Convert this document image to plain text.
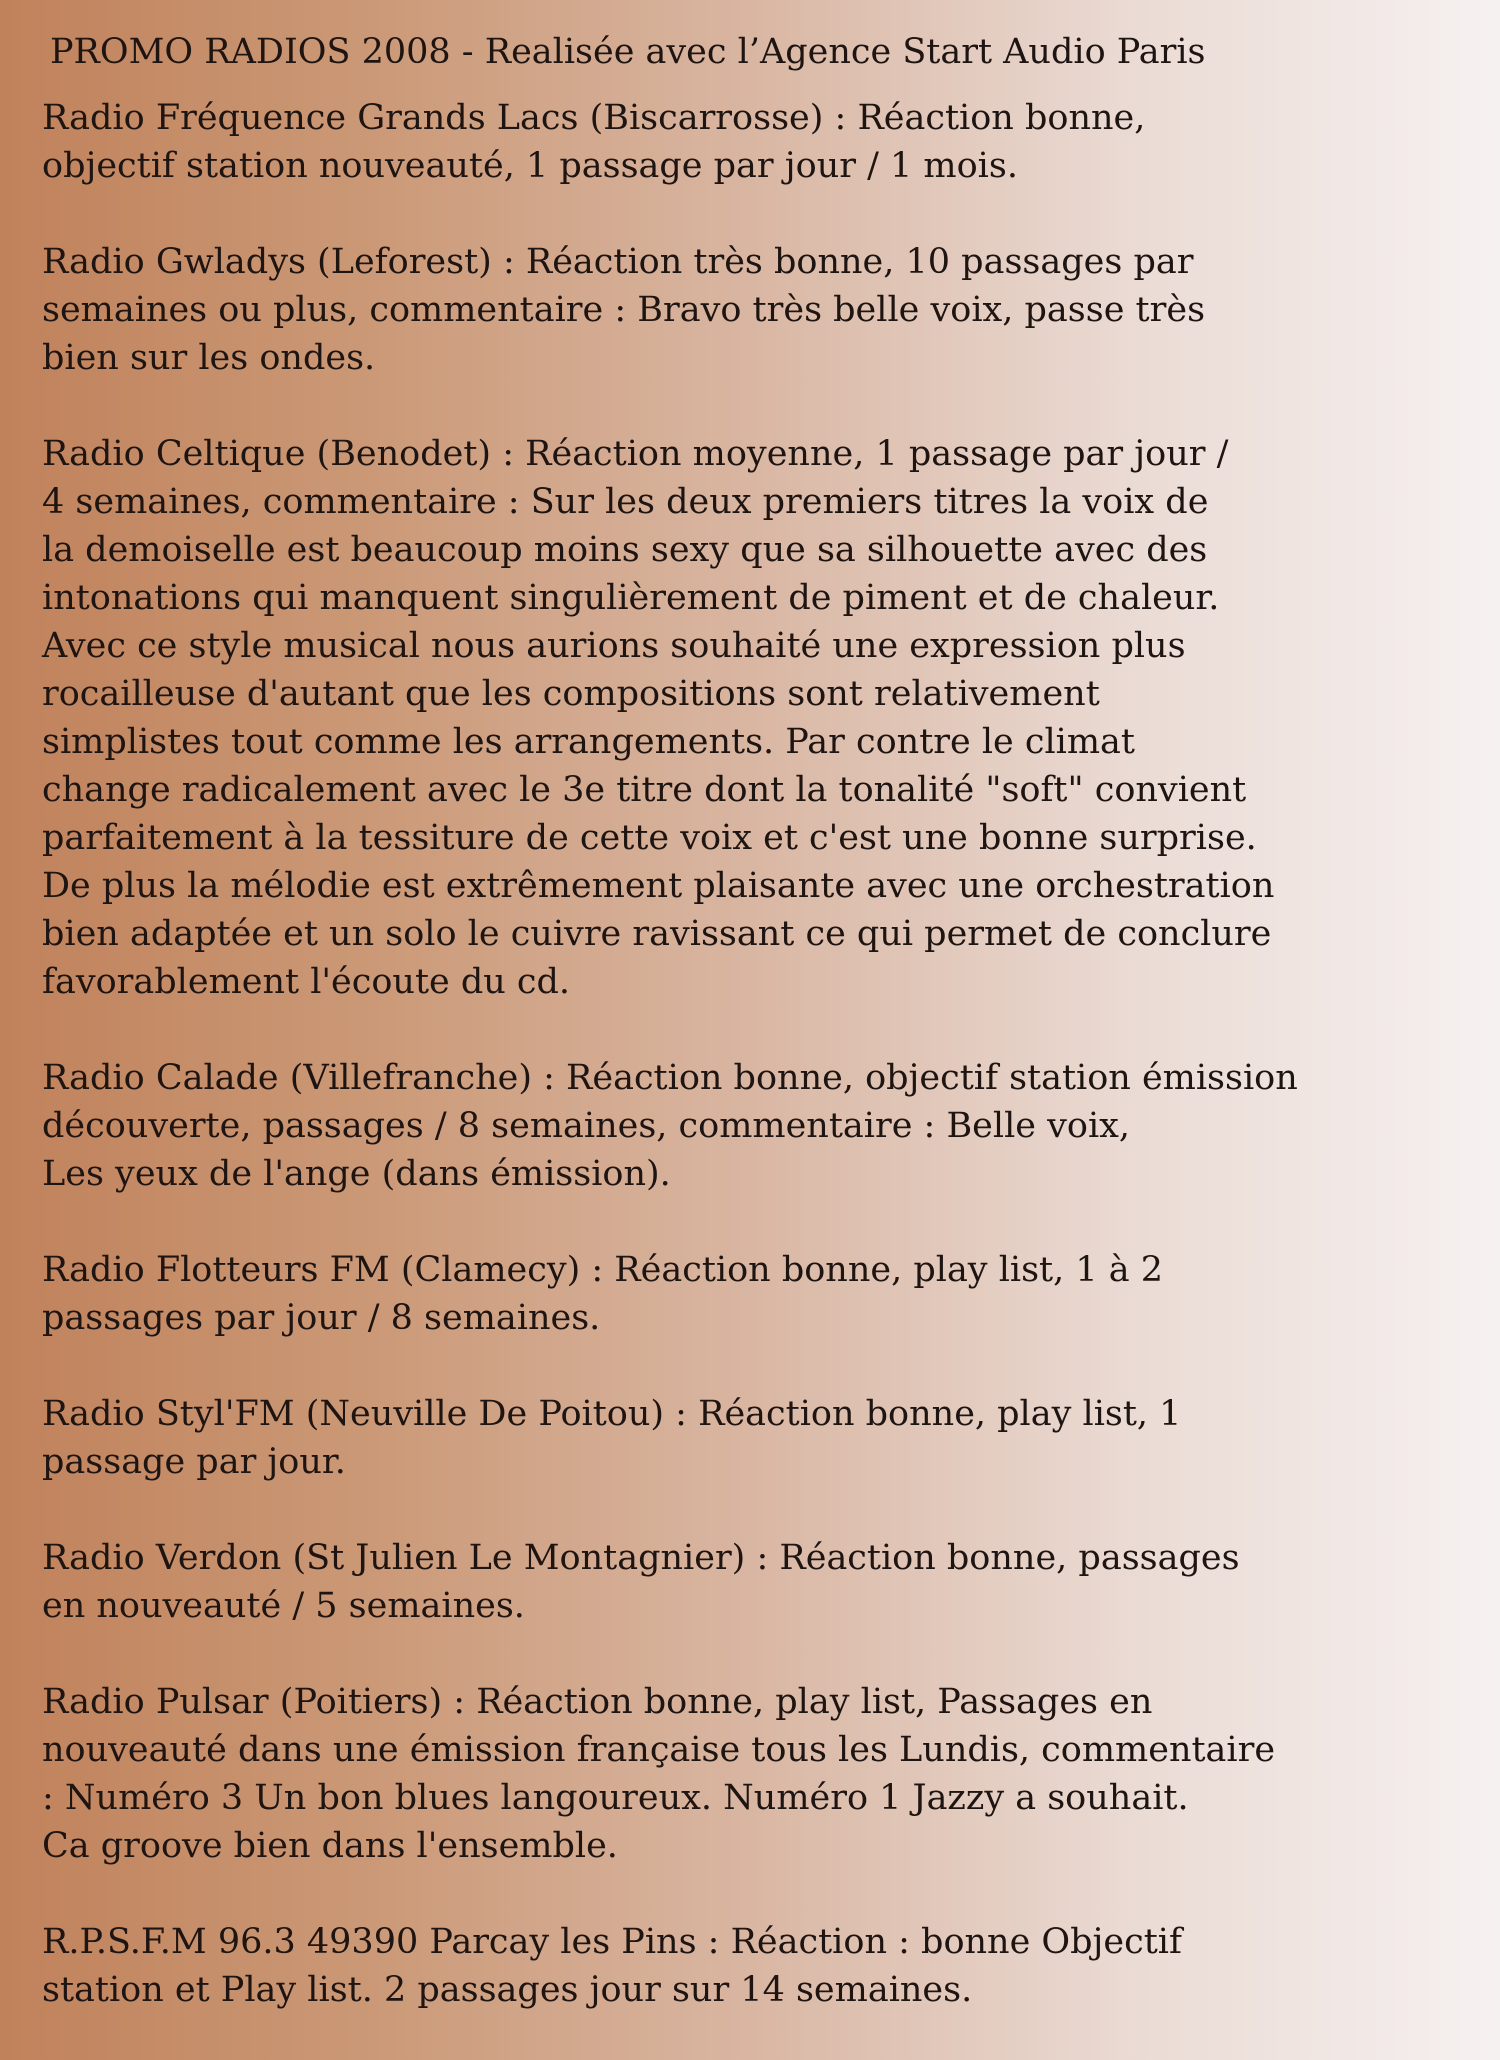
PROMO RADIOS 2008 - Realisée avec l’Agence Start Audio Paris
Radio Fréquence Grands Lacs (Biscarrosse) : Réaction bonne,
objectif station nouveauté, 1 passage par jour / 1 mois.
Radio Gwladys (Leforest) : Réaction très bonne, 10 passages par
semaines ou plus, commentaire : Bravo très belle voix, passe très
bien sur les ondes.
Radio Celtique (Benodet) : Réaction moyenne, 1 passage par jour /
4 semaines, commentaire : Sur les deux premiers titres la voix de
la demoiselle est beaucoup moins sexy que sa silhouette avec des
intonations qui manquent singulièrement de piment et de chaleur.
Avec ce style musical nous aurions souhaité une expression plus
rocailleuse d'autant que les compositions sont relativement
simplistes tout comme les arrangements. Par contre le climat
change radicalement avec le 3e titre dont la tonalité "soft" convient
parfaitement à la tessiture de cette voix et c'est une bonne surprise.
De plus la mélodie est extrêmement plaisante avec une orchestration
bien adaptée et un solo le cuivre ravissant ce qui permet de conclure
favorablement l'écoute du cd.
Radio Calade (Villefranche) : Réaction bonne, objectif station émission
découverte, passages / 8 semaines, commentaire : Belle voix,
Les yeux de l'ange (dans émission).
Radio Flotteurs FM (Clamecy) : Réaction bonne, play list, 1 à 2
passages par jour / 8 semaines.
Radio Styl'FM (Neuville De Poitou) : Réaction bonne, play list, 1
passage par jour.
Radio Verdon (St Julien Le Montagnier) : Réaction bonne, passages
en nouveauté / 5 semaines.
Radio Pulsar (Poitiers) : Réaction bonne, play list, Passages en
nouveauté dans une émission française tous les Lundis, commentaire
: Numéro 3 Un bon blues langoureux. Numéro 1 Jazzy a souhait.
Ca groove bien dans l'ensemble.
R.P.S.F.M 96.3 49390 Parcay les Pins : Réaction : bonne Objectif
station et Play list. 2 passages jour sur 14 semaines.
